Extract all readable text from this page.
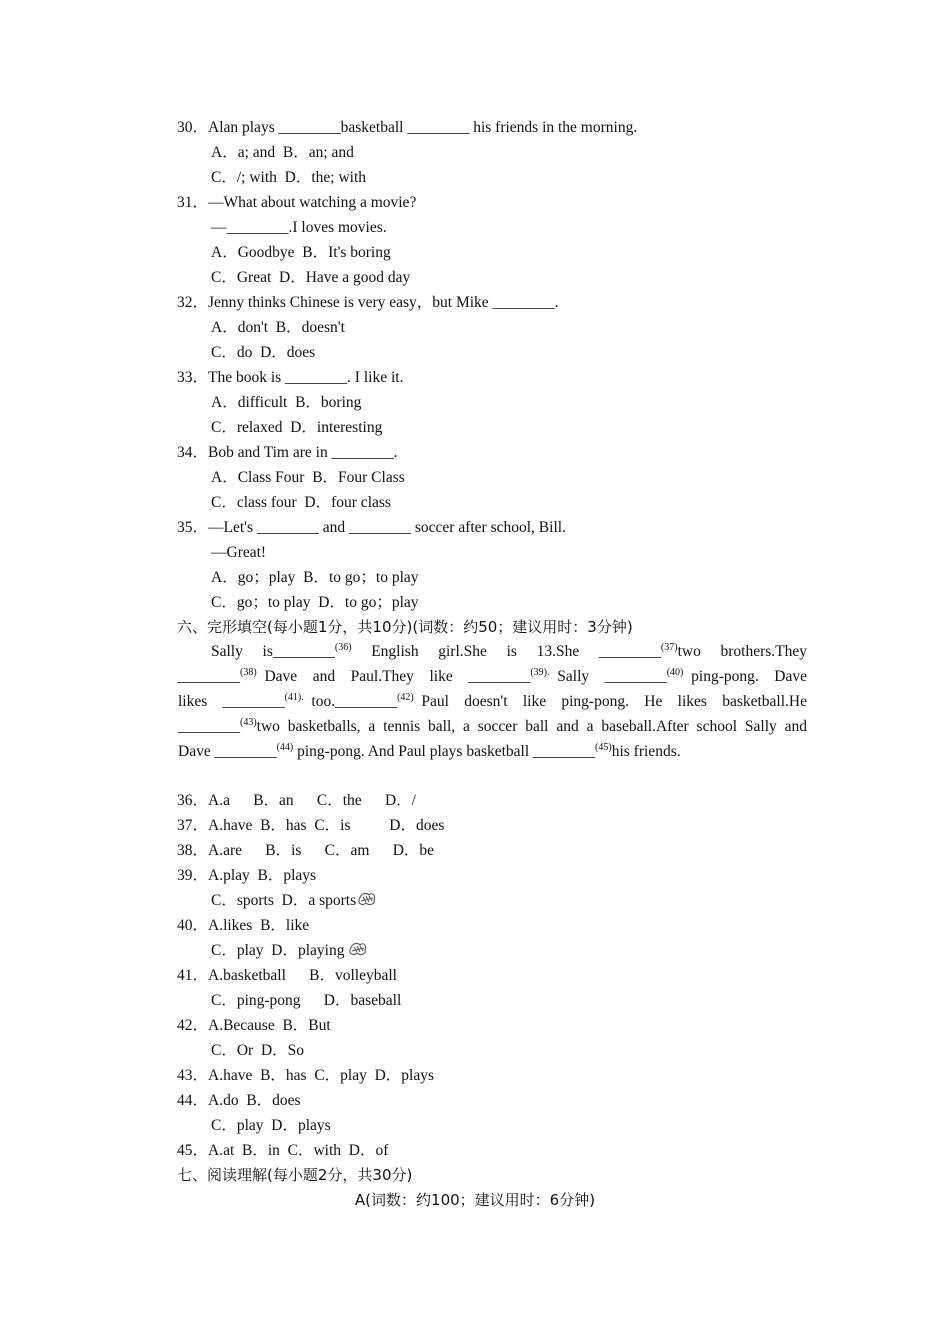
30．Alan plays ________basketball ________ his friends in the morning.
A．a; and  B．an; and
C．/; with  D．the; with
31．—What about watching a movie?
—________.I loves movies.
A．Goodbye  B．It's boring
C．Great  D．Have a good day
32．Jenny thinks Chinese is very easy，but Mike ________.
A．don't  B．doesn't
C．do  D．does
33．The book is ________. I like it.
A．difficult  B．boring
C．relaxed  D．interesting
34．Bob and Tim are in ________.
A．Class Four  B．Four Class
C．class four  D．four class
35．—Let's ________ and ________ soccer after school, Bill.
—Great!
A．go；play  B．to go；to play
C．go；to play  D．to go；play
六、完形填空(每小题1分，共10分)(词数：约50；建议用时：3分钟)
Sally  is________$^{(36)}$  English  girl.She  is  13.She  ________$^{(37)}$two  brothers.They
________$^{(38)}$ Dave  and  Paul.They  like  ________$^{(39).}$ Sally  ________$^{(40)}$ ping-pong.  Dave
likes  ________$^{(41).}$ too.________$^{(42)}$ Paul  doesn't  like  ping-pong.  He  likes  basketball.He
________$^{(43)}$two basketballs, a tennis ball, a soccer ball and a baseball.After school Sally and
Dave ________$^{(44)}$ ping-pong. And Paul plays basketball ________$^{(45)}$his friends.
36．A.a      B．an      C．the      D．/
37．A.have  B．has  C．is          D．does
38．A.are      B．is      C．am      D．be
39．A.play  B．plays
C．sports  D．a sports
40．A.likes  B．like
C．play  D．playing
41．A.basketball      B．volleyball
C．ping-pong      D．baseball
42．A.Because  B．But
C．Or  D．So
43．A.have  B．has  C．play  D．plays
44．A.do  B．does
C．play  D．plays
45．A.at  B．in  C．with  D．of
七、阅读理解(每小题2分，共30分)
A(词数：约100；建议用时：6分钟)
